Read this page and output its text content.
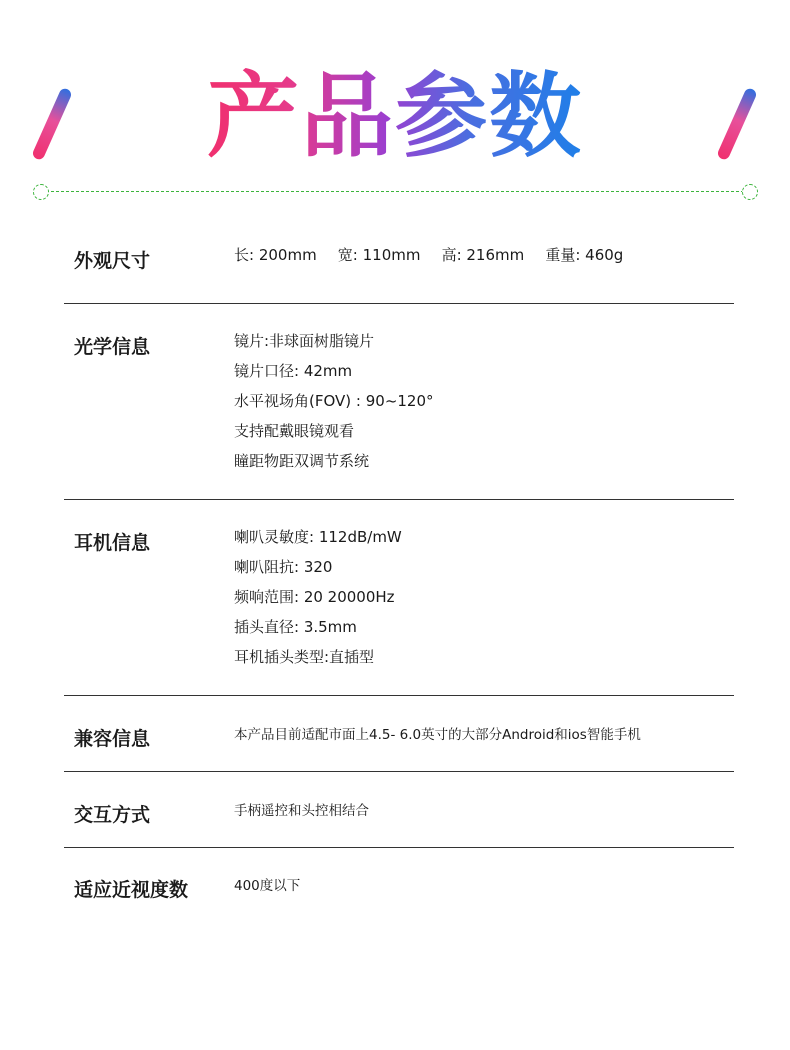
产品参数
外观尺寸	长: 200mm 宽: 110mm 高: 216mm 重量: 460g
光学信息	镜片:非球面树脂镜片
镜片口径: 42mm
水平视场角(FOV) : 90~120°
支持配戴眼镜观看
瞳距物距双调节系统
耳机信息	喇叭灵敏度: 112dB/mW
喇叭阻抗: 320
频响范围: 20 20000Hz
插头直径: 3.5mm
耳机插头类型:直插型
兼容信息	本产品目前适配市面上4.5- 6.0英寸的大部分Android和ios智能手机
交互方式	手柄遥控和头控相结合
适应近视度数	400度以下
